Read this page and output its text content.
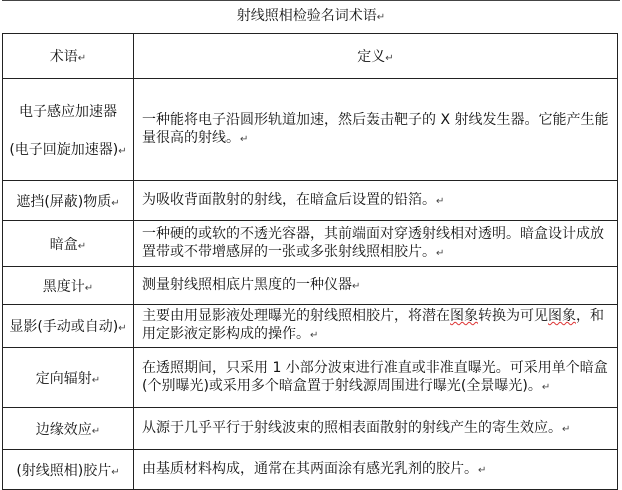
射线照相检验名词术语↵
术语↵	定义↵
电子感应加速器
(电子回旋加速器)↵	一种能将电子沿圆形轨道加速，然后轰击靶子的 X 射线发生器。它能产生能量很高的射线。↵
遮挡(屏蔽)物质↵	为吸收背面散射的射线，在暗盒后设置的铅箔。↵
暗盒↵	一种硬的或软的不透光容器，其前端面对穿透射线相对透明。暗盒设计成放置带或不带增感屏的一张或多张射线照相胶片。↵
黑度计↵	测量射线照相底片黑度的一种仪器↵
显影(手动或自动)↵	主要由用显影液处理曝光的射线照相胶片，将潜在图象转换为可见图象，和用定影液定影构成的操作。↵
定向辐射↵	在透照期间，只采用 1 小部分波束进行准直或非准直曝光。可采用单个暗盒(个别曝光)或采用多个暗盒置于射线源周围进行曝光(全景曝光)。↵
边缘效应↵	从源于几乎平行于射线波束的照相表面散射的射线产生的寄生效应。↵
(射线照相)胶片↵	由基质材料构成，通常在其两面涂有感光乳剂的胶片。↵
